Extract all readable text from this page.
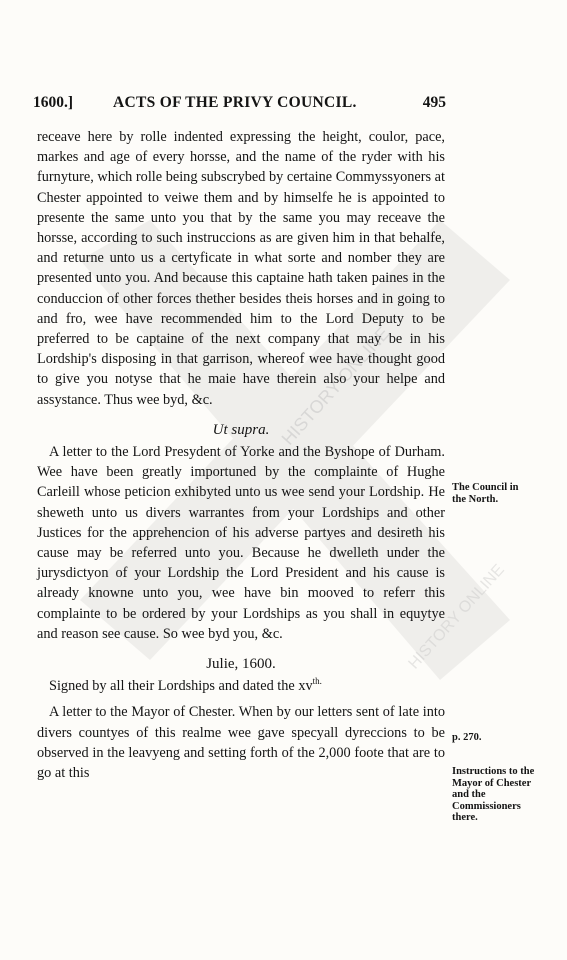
HISTORY ONLINE
HISTORY ONLINE
1600.]	ACTS OF THE PRIVY COUNCIL.	495

receave here by rolle indented expressing the height, coulor, pace, markes and age of every horsse, and the name of the ryder with his furnyture, which rolle being subscrybed by certaine Commyssyoners at Chester appointed to veiwe them and by himselfe he is appointed to presente the same unto you that by the same you may receave the horsse, according to such instruccions as are given him in that behalfe, and returne unto us a certyficate in what sorte and nomber they are presented unto you. And because this captaine hath taken paines in the conduccion of other forces thether besides theis horses and in going to and fro, wee have recommended him to the Lord Deputy to be preferred to be captaine of the next company that may be in his Lordship's disposing in that garrison, whereof wee have thought good to give you notyse that he maie have therein also your helpe and assystance. Thus wee byd, &c.

Ut supra.

A letter to the Lord Presydent of Yorke and the Byshope of Durham. Wee have been greatly importuned by the complainte of Hughe Carleill whose peticion exhibyted unto us wee send your Lordship. He sheweth unto us divers warrantes from your Lordships and other Justices for the apprehencion of his adverse partyes and desireth his cause may be referred unto you. Because he dwelleth under the jurysdictyon of your Lordship the Lord President and his cause is already knowne unto you, wee have bin mooved to referr this complainte to be ordered by your Lordships as you shall in equytye and reason see cause. So wee byd you, &c.

Julie, 1600.

Signed by all their Lordships and dated the $xv^{th.}$

A letter to the Mayor of Chester. When by our letters sent of late into divers countyes of this realme wee gave specyall dyreccions to be observed in the leavyeng and setting forth of the 2,000 foote that are to go at this

The Council in the North.
p. 270.
Instructions to the Mayor of Chester and the Commissioners there.
